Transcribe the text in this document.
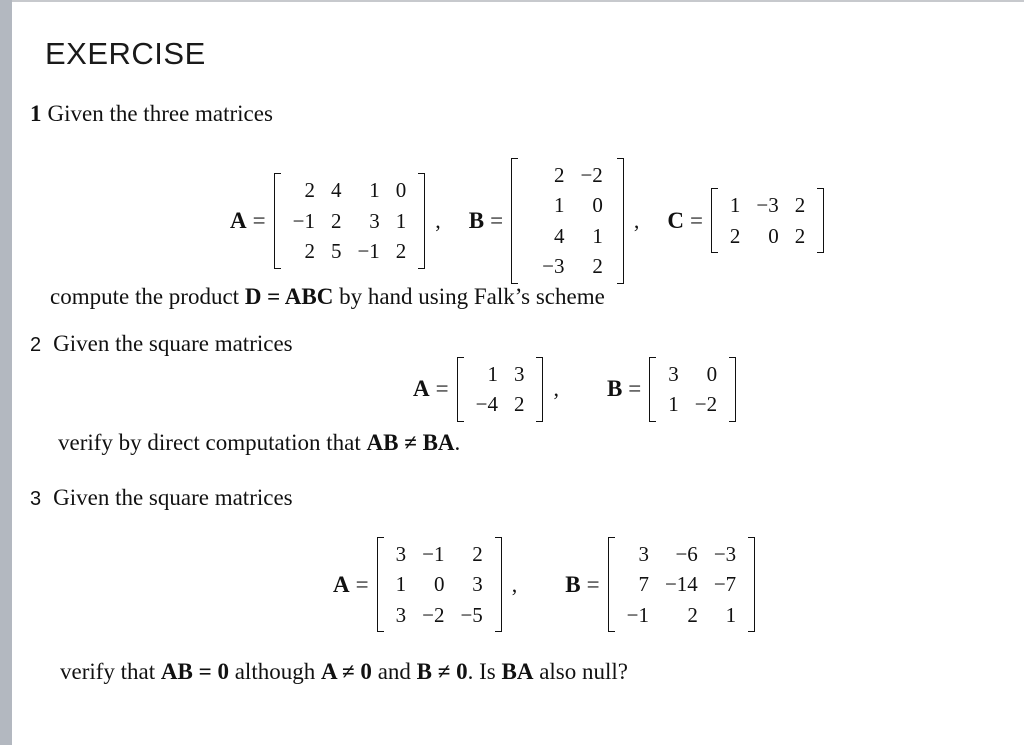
EXERCISE
1 Given the three matrices
A =
2 4	1 0
−1 2	3 1
2 5 −1 2
, B =
2 −2
1	0
4	1
−3	2
, C =
1 −3 2
2	0 2
compute the product D = ABC by hand using Falk’s scheme
2 Given the square matrices
A =
1 3
−4 2
, B =
3	0
1 −2
verify by direct computation that AB ≠ BA.
3 Given the square matrices
A =
3 −1	2
1	0	3
3 −2 −5
, B =
3	−6 −3
7 −14 −7
−1	2	1
verify that AB = 0 although A ≠ 0 and B ≠ 0. Is BA also null?
